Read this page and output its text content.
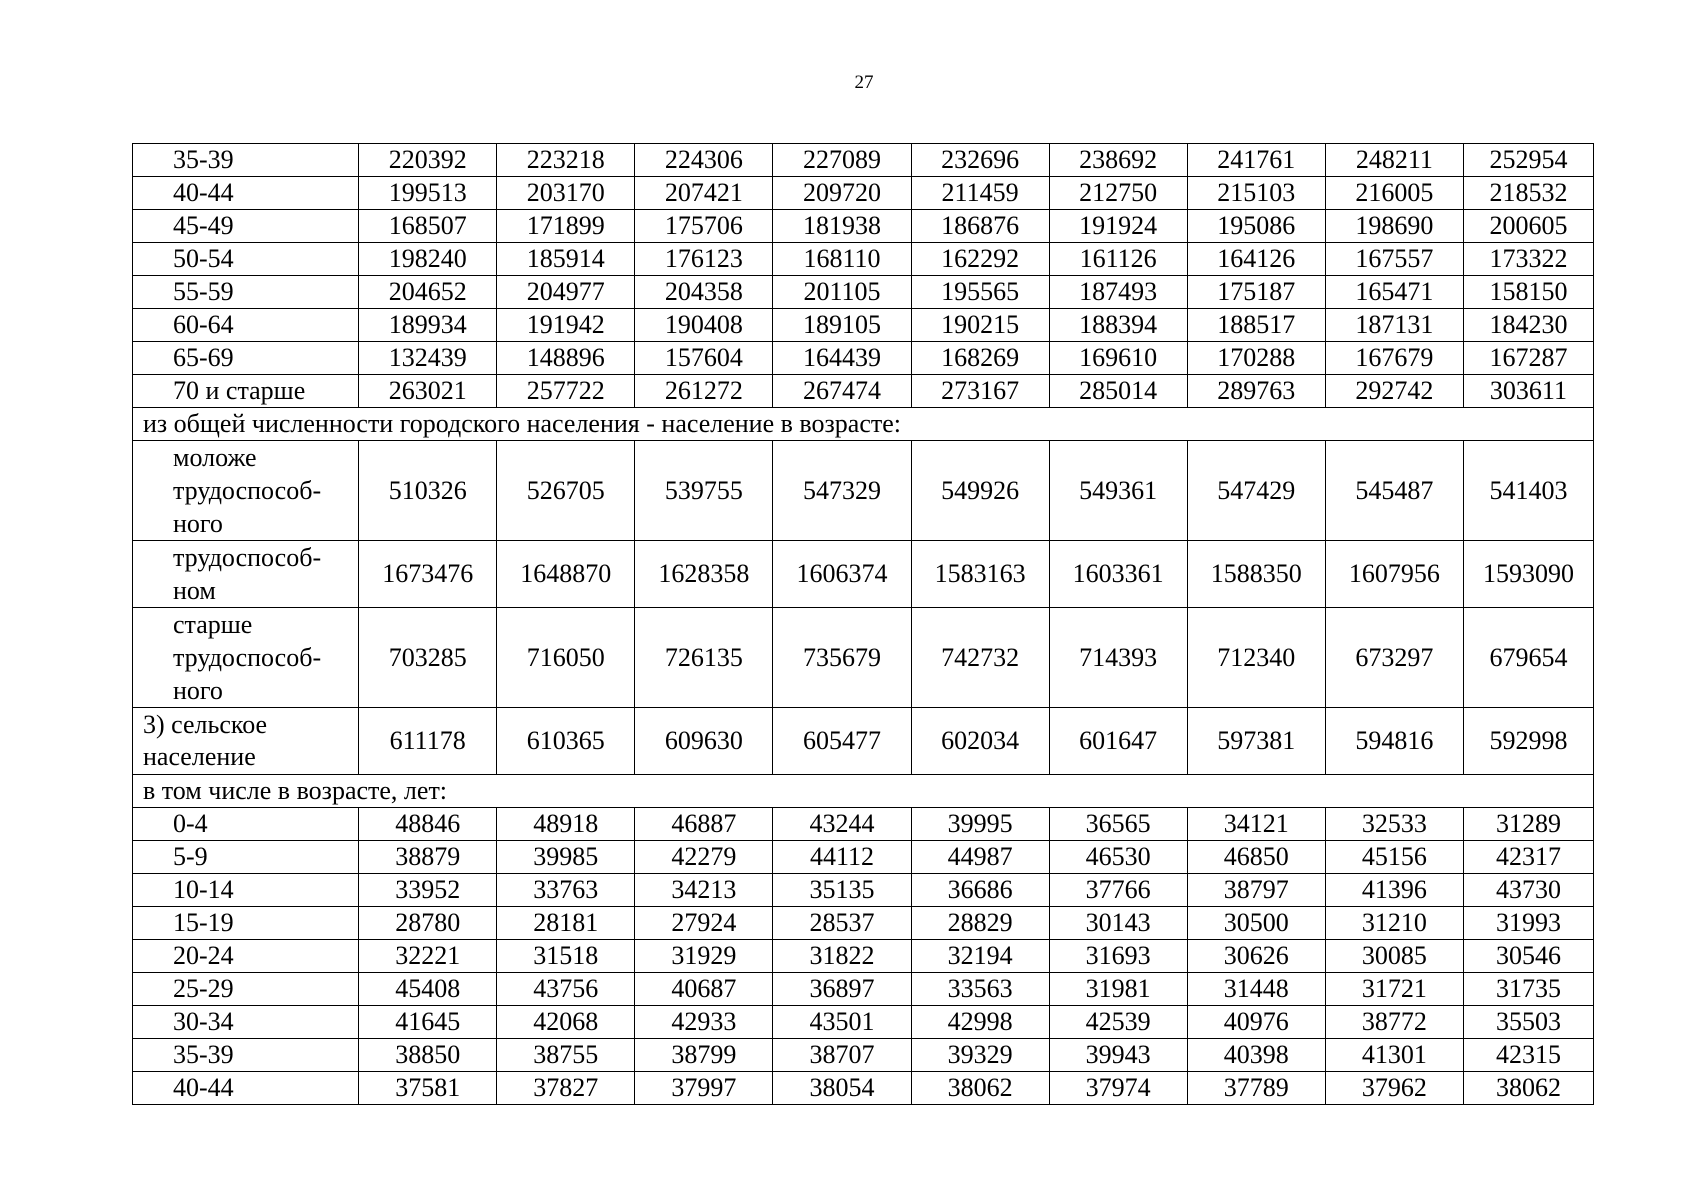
27
35-39	220392	223218	224306	227089	232696	238692	241761	248211	252954
40-44	199513	203170	207421	209720	211459	212750	215103	216005	218532
45-49	168507	171899	175706	181938	186876	191924	195086	198690	200605
50-54	198240	185914	176123	168110	162292	161126	164126	167557	173322
55-59	204652	204977	204358	201105	195565	187493	175187	165471	158150
60-64	189934	191942	190408	189105	190215	188394	188517	187131	184230
65-69	132439	148896	157604	164439	168269	169610	170288	167679	167287
70 и старше	263021	257722	261272	267474	273167	285014	289763	292742	303611
из общей численности городского населения - население в возрасте:									
моложе трудоспособ-ного	510326	526705	539755	547329	549926	549361	547429	545487	541403
трудоспособ-ном	1673476	1648870	1628358	1606374	1583163	1603361	1588350	1607956	1593090
старше трудоспособ-ного	703285	716050	726135	735679	742732	714393	712340	673297	679654
3) сельское население	611178	610365	609630	605477	602034	601647	597381	594816	592998
в том числе в возрасте, лет:									
0-4	48846	48918	46887	43244	39995	36565	34121	32533	31289
5-9	38879	39985	42279	44112	44987	46530	46850	45156	42317
10-14	33952	33763	34213	35135	36686	37766	38797	41396	43730
15-19	28780	28181	27924	28537	28829	30143	30500	31210	31993
20-24	32221	31518	31929	31822	32194	31693	30626	30085	30546
25-29	45408	43756	40687	36897	33563	31981	31448	31721	31735
30-34	41645	42068	42933	43501	42998	42539	40976	38772	35503
35-39	38850	38755	38799	38707	39329	39943	40398	41301	42315
40-44	37581	37827	37997	38054	38062	37974	37789	37962	38062
